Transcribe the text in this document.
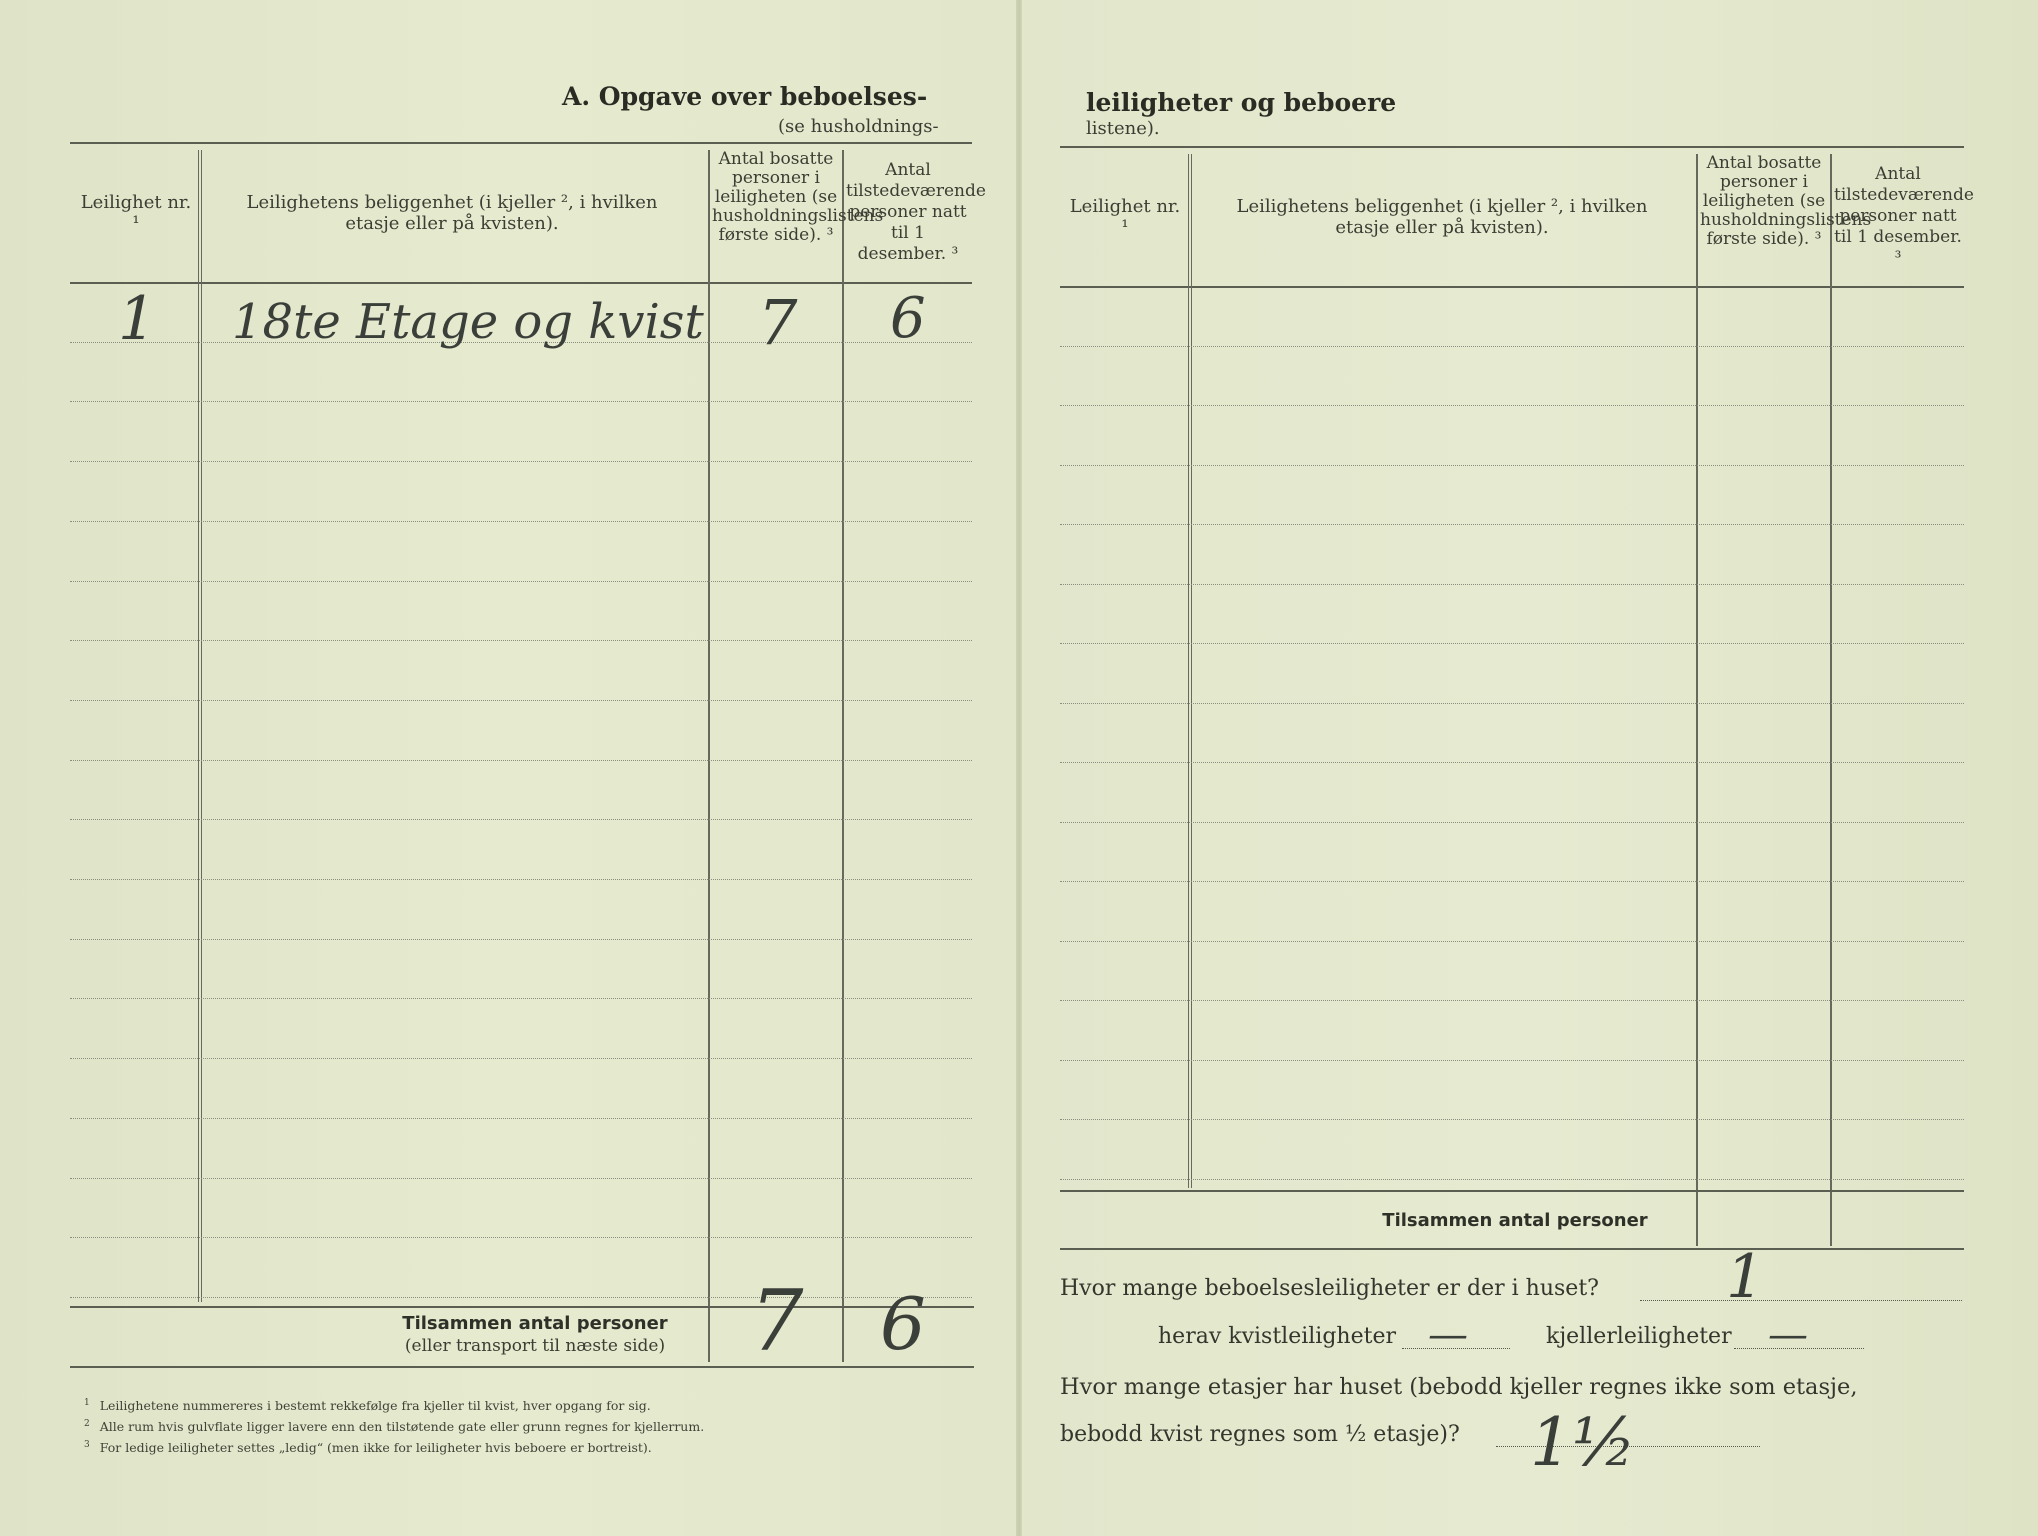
A. Opgave over beboelses-
(se husholdnings-
Leilighet nr. ¹
Leilighetens beliggenhet (i kjeller ², i hvilken etasje eller på kvisten).
Antal bosatte personer i leiligheten (se husholdningslistens første side). ³
Antal tilstedeværende personer natt til 1 desember. ³
1 18te Etage og kvist 7 6
Tilsammen antal personer
(eller transport til næste side)	7 6
$^1$ Leilighetene nummereres i bestemt rekkefølge fra kjeller til kvist, hver opgang for sig.
$^2$ Alle rum hvis gulvflate ligger lavere enn den tilstøtende gate eller grunn regnes for kjellerrum.
$^3$ For ledige leiligheter settes „ledig“ (men ikke for leiligheter hvis beboere er bortreist).
leiligheter og beboere
listene).
Leilighet nr. ¹
Leilighetens beliggenhet (i kjeller ², i hvilken etasje eller på kvisten).
Antal bosatte personer i leiligheten (se husholdningslistens første side). ³
Antal tilstedeværende personer natt til 1 desember. ³
Tilsammen antal personer
Hvor mange beboelsesleiligheter er der i huset? 1
herav kvistleiligheter —	kjellerleiligheter —
Hvor mange etasjer har huset (bebodd kjeller regnes ikke som etasje,
bebodd kvist regnes som ½ etasje)? 1½
